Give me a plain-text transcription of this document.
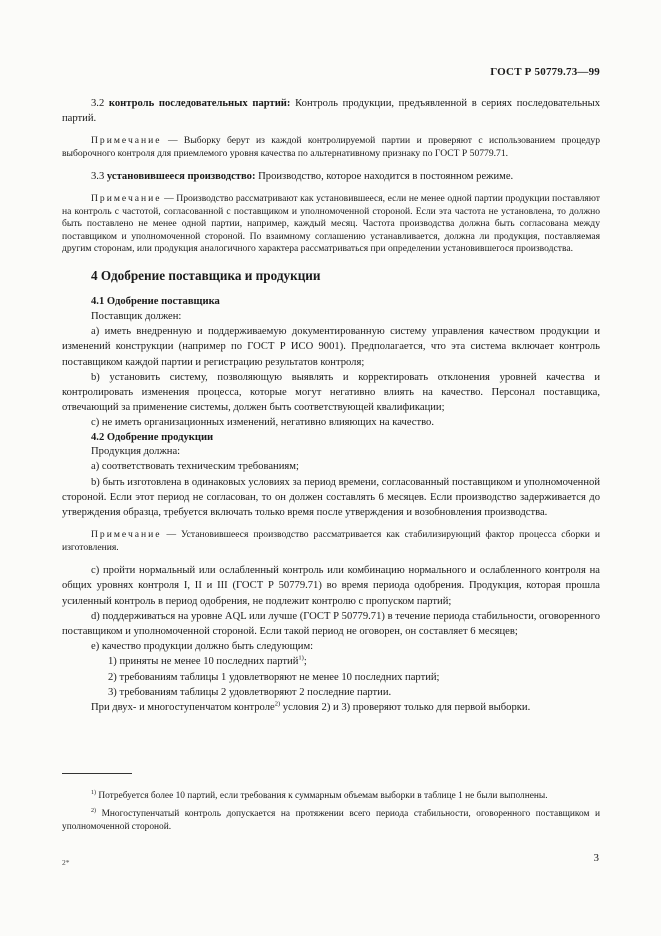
ГОСТ Р 50779.73—99

3.2 контроль последовательных партий: Контроль продукции, предъявленной в сериях последовательных партий.

Примечание — Выборку берут из каждой контролируемой партии и проверяют с использованием процедур выборочного контроля для приемлемого уровня качества по альтернативному признаку по ГОСТ Р 50779.71.

3.3 установившееся производство: Производство, которое находится в постоянном режиме.

Примечание — Производство рассматривают как установившееся, если не менее одной партии продукции поставляют на контроль с частотой, согласованной с поставщиком и уполномоченной стороной. Если эта частота не установлена, то должно быть поставлено не менее одной партии, например, каждый месяц. Частота производства должна быть согласована между поставщиком и уполномоченной стороной. По взаимному соглашению устанавливается, должна ли продукция, поставляемая другим сторонам, или продукция аналогичного характера рассматриваться при определении установившегося производства.

4 Одобрение поставщика и продукции

4.1 Одобрение поставщика

Поставщик должен:

a) иметь внедренную и поддерживаемую документированную систему управления качеством продукции и изменений конструкции (например по ГОСТ Р ИСО 9001). Предполагается, что эта система включает контроль поставщиком каждой партии и регистрацию результатов контроля;

b) установить систему, позволяющую выявлять и корректировать отклонения уровней качества и контролировать изменения процесса, которые могут негативно влиять на качество. Персонал поставщика, отвечающий за применение системы, должен быть соответствующей квалификации;

c) не иметь организационных изменений, негативно влияющих на качество.

4.2 Одобрение продукции

Продукция должна:

a) соответствовать техническим требованиям;

b) быть изготовлена в одинаковых условиях за период времени, согласованный поставщиком и уполномоченной стороной. Если этот период не согласован, то он должен составлять 6 месяцев. Если производство задерживается до утверждения образца, требуется включать только время после утверждения и возобновления производства.

Примечание — Установившееся производство рассматривается как стабилизирующий фактор процесса сборки и изготовления.

c) пройти нормальный или ослабленный контроль или комбинацию нормального и ослабленного контроля на общих уровнях контроля I, II и III (ГОСТ Р 50779.71) во время периода одобрения. Продукция, которая прошла усиленный контроль в период одобрения, не подлежит контролю с пропуском партий;

d) поддерживаться на уровне AQL или лучше (ГОСТ Р 50779.71) в течение периода стабильности, оговоренного поставщиком и уполномоченной стороной. Если такой период не оговорен, он составляет 6 месяцев;

e) качество продукции должно быть следующим:

1) приняты не менее 10 последних партий$^{1)}$;

2) требованиям таблицы 1 удовлетворяют не менее 10 последних партий;

3) требованиям таблицы 2 удовлетворяют 2 последние партии.

При двух- и многоступенчатом контроле$^{2)}$ условия 2) и 3) проверяют только для первой выборки.

$^{1)}$ Потребуется более 10 партий, если требования к суммарным объемам выборки в таблице 1 не были выполнены.

$^{2)}$ Многоступенчатый контроль допускается на протяжении всего периода стабильности, оговоренного поставщиком и уполномоченной стороной.

2*	3
